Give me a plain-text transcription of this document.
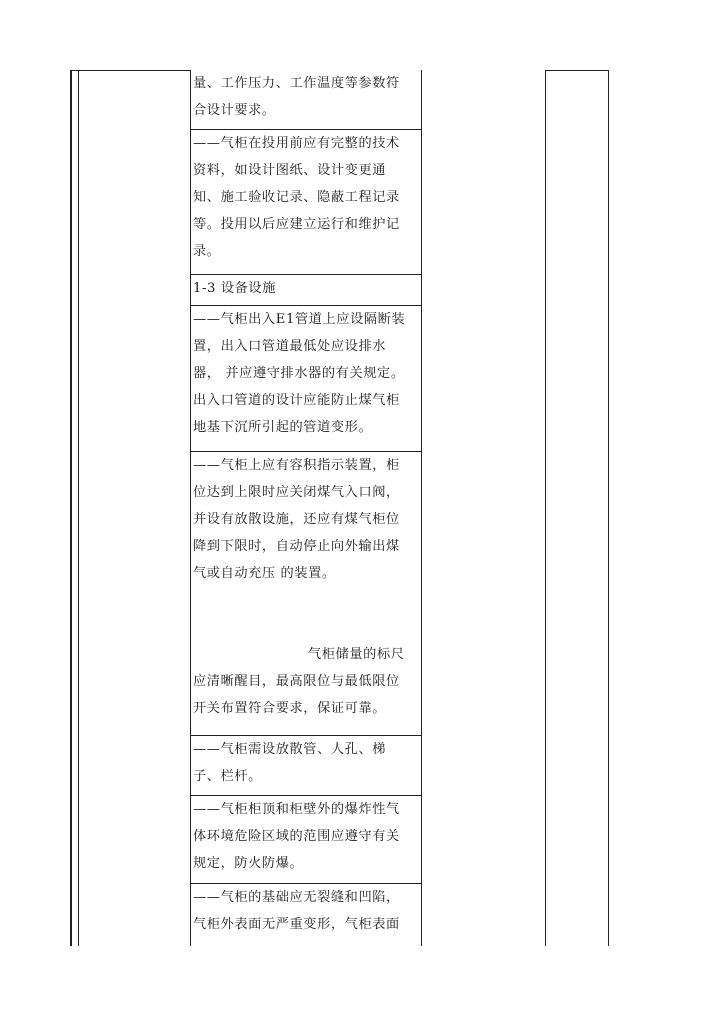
量、工作压力、工作温度等参数符
合设计要求。
——气柜在投用前应有完整的技术
资料，如设计图纸、设计变更通
知、施工验收记录、隐蔽工程记录
等。投用以后应建立运行和维护记
录。
1-3 设备设施
——气柜出入E1管道上应设隔断装
置，出入口管道最低处应设排水
器， 并应遵守排水器的有关规定。
出入口管道的设计应能防止煤气柜
地基下沉所引起的管道变形。
——气柜上应有容积指示装置，柜
位达到上限时应关闭煤气入口阀，
并设有放散设施，还应有煤气柜位
降到下限时，自动停止向外输出煤
气或自动充压 的装置。

气柜储量的标尺
应清晰醒目，最高限位与最低限位
开关布置符合要求，保证可靠。
——气柜需设放散管、人孔、梯
子、栏杆。
——气柜柜顶和柜壁外的爆炸性气
体环境危险区域的范围应遵守有关
规定，防火防爆。
——气柜的基础应无裂缝和凹陷，
气柜外表面无严重变形，气柜表面
